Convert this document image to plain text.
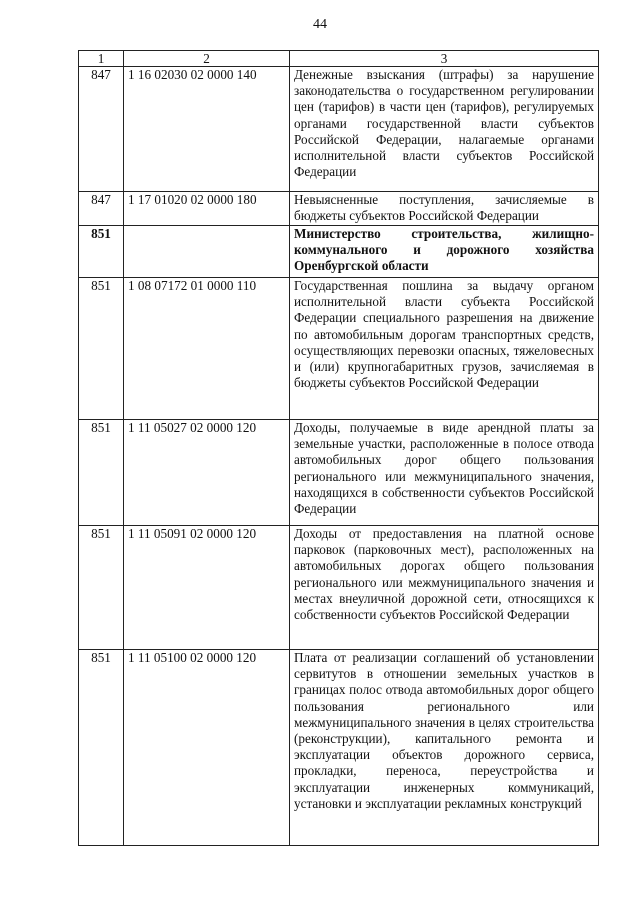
44
1	2	3
847	1 16 02030 02 0000 140	Денежные взыскания (штрафы) за нарушение законодательства о государственном регулировании цен (тарифов) в части цен (тарифов), регулируемых органами государственной власти субъектов Российской Федерации, налагаемые органами исполнительной власти субъектов Российской Федерации
847	1 17 01020 02 0000 180	Невыясненные поступления, зачисляемые в бюджеты субъектов Российской Федерации
851		Министерство строительства, жилищно-коммунального и дорожного хозяйства Оренбургской области
851	1 08 07172 01 0000 110	Государственная пошлина за выдачу органом исполнительной власти субъекта Российской Федерации специального разрешения на движение по автомобильным дорогам транспортных средств, осуществляющих перевозки опасных, тяжеловесных и (или) крупногабаритных грузов, зачисляемая в бюджеты субъектов Российской Федерации
851	1 11 05027 02 0000 120	Доходы, получаемые в виде арендной платы за земельные участки, расположенные в полосе отвода автомобильных дорог общего пользования регионального или межмуниципального значения, находящихся в собственности субъектов Российской Федерации
851	1 11 05091 02 0000 120	Доходы от предоставления на платной основе парковок (парковочных мест), расположенных на автомобильных дорогах общего пользования регионального или межмуниципального значения и местах внеуличной дорожной сети, относящихся к собственности субъектов Российской Федерации
851	1 11 05100 02 0000 120	Плата от реализации соглашений об установлении сервитутов в отношении земельных участков в границах полос отвода автомобильных дорог общего пользования регионального или межмуниципального значения в целях строительства (реконструкции), капитального ремонта и эксплуатации объектов дорожного сервиса, прокладки, переноса, переустройства и эксплуатации инженерных коммуникаций, установки и эксплуатации рекламных конструкций
